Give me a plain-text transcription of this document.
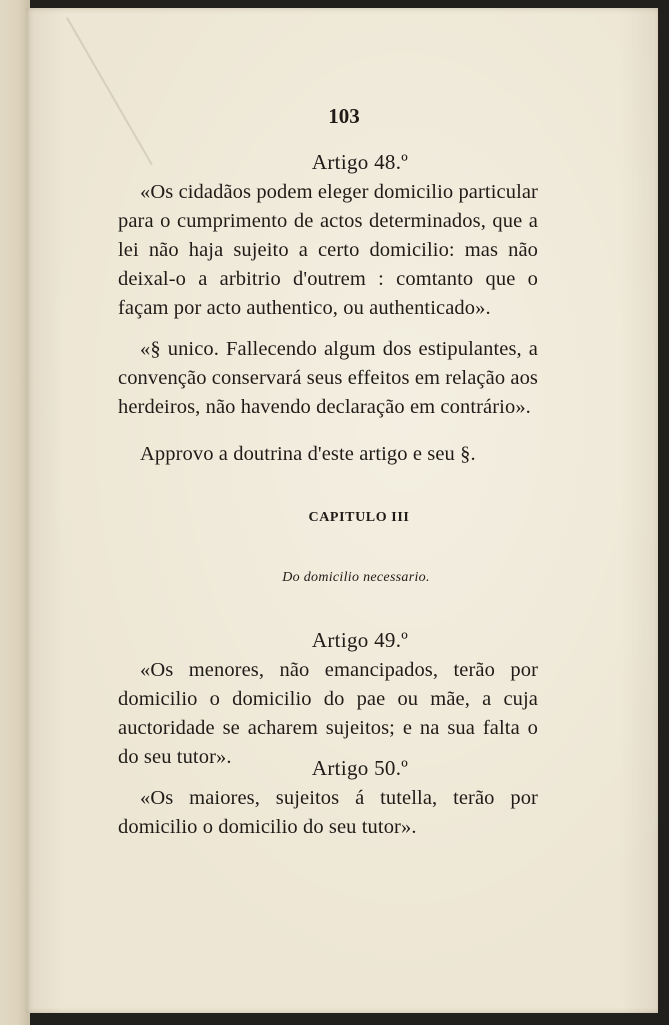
103
Artigo 48.º
«Os cidadãos podem eleger domicilio particular para o cumprimento de actos determinados, que a lei não haja sujeito a certo domicilio: mas não deixal-o a arbitrio d'outrem : comtanto que o façam por acto authentico, ou authenticado».
«§ unico. Fallecendo algum dos estipulantes, a convenção conservará seus effeitos em relação aos herdeiros, não havendo declaração em contrário».
Approvo a doutrina d'este artigo e seu §.
CAPITULO III
Do domicilio necessario.
Artigo 49.º
«Os menores, não emancipados, terão por domicilio o domicilio do pae ou mãe, a cuja auctoridade se acharem sujeitos; e na sua falta o do seu tutor».	Artigo 50.º
«Os maiores, sujeitos á tutella, terão por domicilio o domicilio do seu tutor».
